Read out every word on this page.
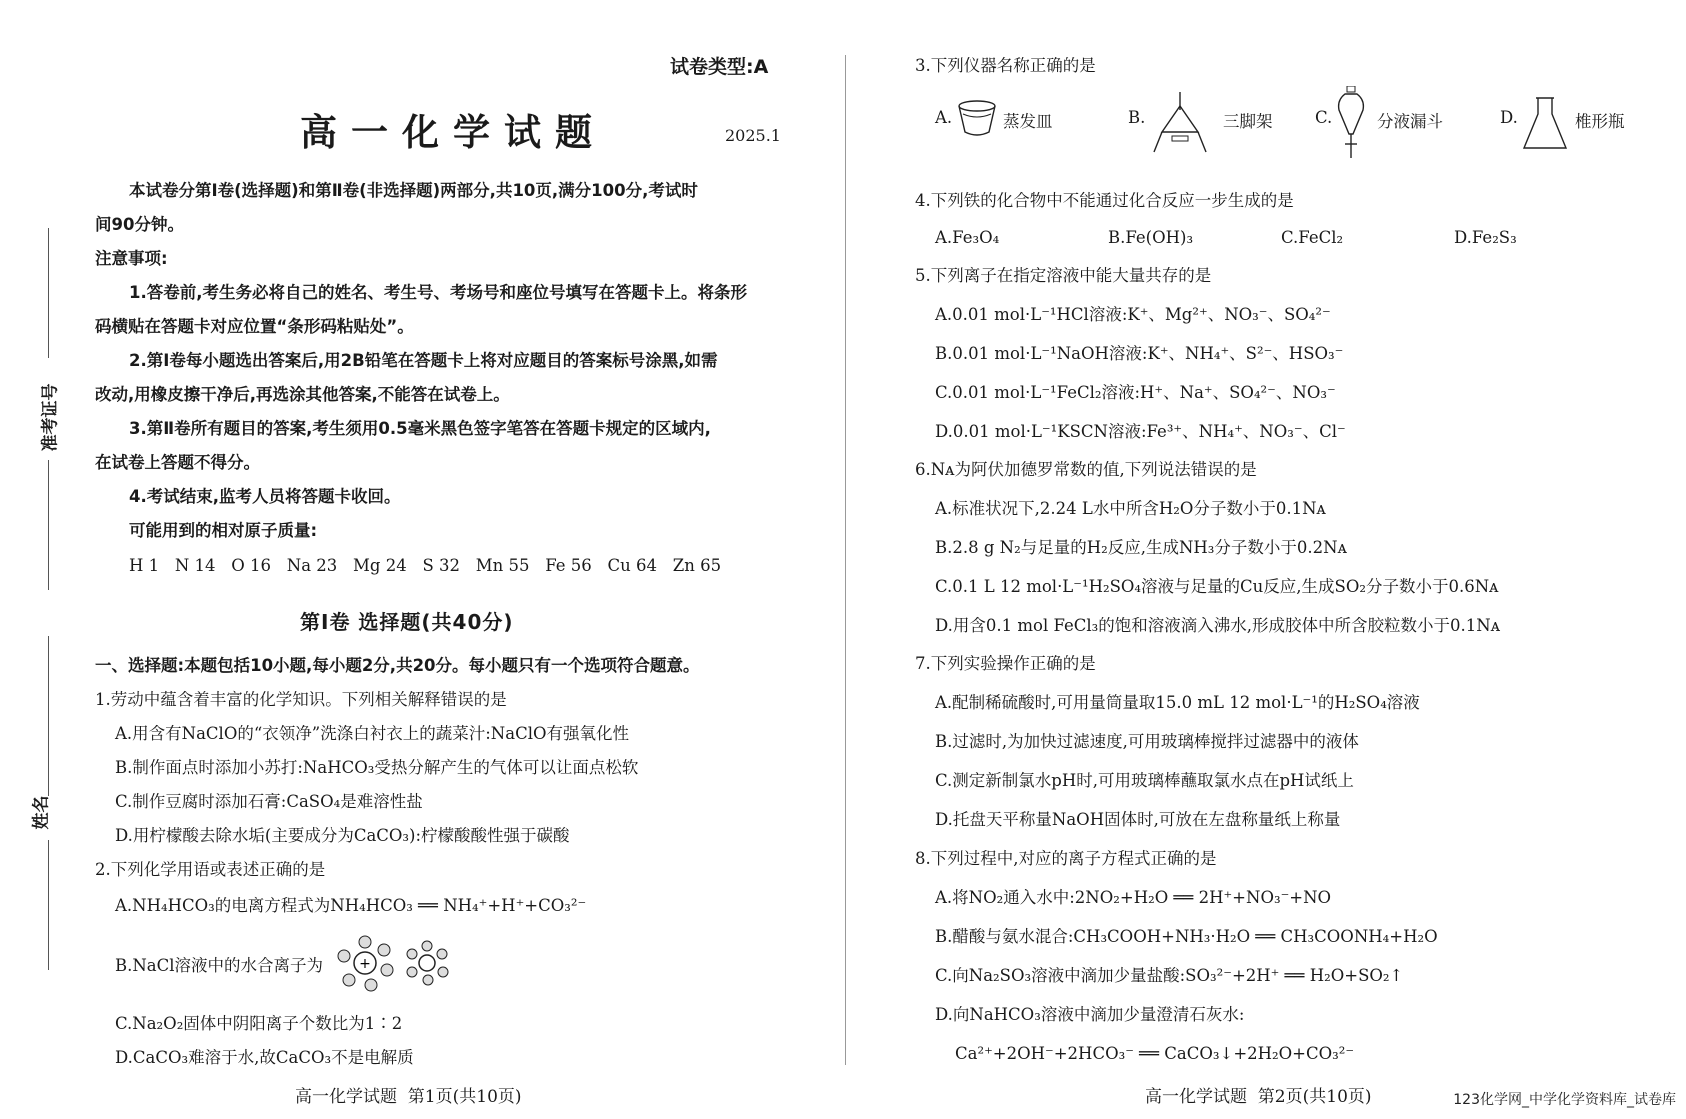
准考证号
姓名
试卷类型:A
高一化学试题	2025.1
本试卷分第Ⅰ卷(选择题)和第Ⅱ卷(非选择题)两部分,共10页,满分100分,考试时
间90分钟。
注意事项:
1.答卷前,考生务必将自己的姓名、考生号、考场号和座位号填写在答题卡上。将条形
码横贴在答题卡对应位置“条形码粘贴处”。
2.第Ⅰ卷每小题选出答案后,用2B铅笔在答题卡上将对应题目的答案标号涂黑,如需
改动,用橡皮擦干净后,再选涂其他答案,不能答在试卷上。
3.第Ⅱ卷所有题目的答案,考生须用0.5毫米黑色签字笔答在答题卡规定的区域内,
在试卷上答题不得分。
4.考试结束,监考人员将答题卡收回。
可能用到的相对原子质量:
H 1   N 14   O 16   Na 23   Mg 24   S 32   Mn 55   Fe 56   Cu 64   Zn 65
第Ⅰ卷 选择题(共40分)
一、选择题:本题包括10小题,每小题2分,共20分。每小题只有一个选项符合题意。
1.劳动中蕴含着丰富的化学知识。下列相关解释错误的是
A.用含有NaClO的“衣领净”洗涤白衬衣上的蔬菜汁:NaClO有强氧化性
B.制作面点时添加小苏打:NaHCO₃受热分解产生的气体可以让面点松软
C.制作豆腐时添加石膏:CaSO₄是难溶性盐
D.用柠檬酸去除水垢(主要成分为CaCO₃):柠檬酸酸性强于碳酸
2.下列化学用语或表述正确的是
A.NH₄HCO₃的电离方程式为NH₄HCO₃ ══ NH₄⁺+H⁺+CO₃²⁻
B.NaCl溶液中的水合离子为	+
C.Na₂O₂固体中阴阳离子个数比为1∶2
D.CaCO₃难溶于水,故CaCO₃不是电解质
高一化学试题  第1页(共10页)
3.下列仪器名称正确的是
A.	蒸发皿	B.	三脚架	C.	分液漏斗	D.	椎形瓶
4.下列铁的化合物中不能通过化合反应一步生成的是
A.Fe₃O₄	B.Fe(OH)₃	C.FeCl₂	D.Fe₂S₃
5.下列离子在指定溶液中能大量共存的是
A.0.01 mol·L⁻¹HCl溶液:K⁺、Mg²⁺、NO₃⁻、SO₄²⁻
B.0.01 mol·L⁻¹NaOH溶液:K⁺、NH₄⁺、S²⁻、HSO₃⁻
C.0.01 mol·L⁻¹FeCl₂溶液:H⁺、Na⁺、SO₄²⁻、NO₃⁻
D.0.01 mol·L⁻¹KSCN溶液:Fe³⁺、NH₄⁺、NO₃⁻、Cl⁻
6.Nᴀ为阿伏加德罗常数的值,下列说法错误的是
A.标准状况下,2.24 L水中所含H₂O分子数小于0.1Nᴀ
B.2.8 g N₂与足量的H₂反应,生成NH₃分子数小于0.2Nᴀ
C.0.1 L 12 mol·L⁻¹H₂SO₄溶液与足量的Cu反应,生成SO₂分子数小于0.6Nᴀ
D.用含0.1 mol FeCl₃的饱和溶液滴入沸水,形成胶体中所含胶粒数小于0.1Nᴀ
7.下列实验操作正确的是
A.配制稀硫酸时,可用量筒量取15.0 mL 12 mol·L⁻¹的H₂SO₄溶液
B.过滤时,为加快过滤速度,可用玻璃棒搅拌过滤器中的液体
C.测定新制氯水pH时,可用玻璃棒蘸取氯水点在pH试纸上
D.托盘天平称量NaOH固体时,可放在左盘称量纸上称量
8.下列过程中,对应的离子方程式正确的是
A.将NO₂通入水中:2NO₂+H₂O ══ 2H⁺+NO₃⁻+NO
B.醋酸与氨水混合:CH₃COOH+NH₃·H₂O ══ CH₃COONH₄+H₂O
C.向Na₂SO₃溶液中滴加少量盐酸:SO₃²⁻+2H⁺ ══ H₂O+SO₂↑
D.向NaHCO₃溶液中滴加少量澄清石灰水:
Ca²⁺+2OH⁻+2HCO₃⁻ ══ CaCO₃↓+2H₂O+CO₃²⁻
高一化学试题  第2页(共10页)	123化学网_中学化学资料库_试卷库
